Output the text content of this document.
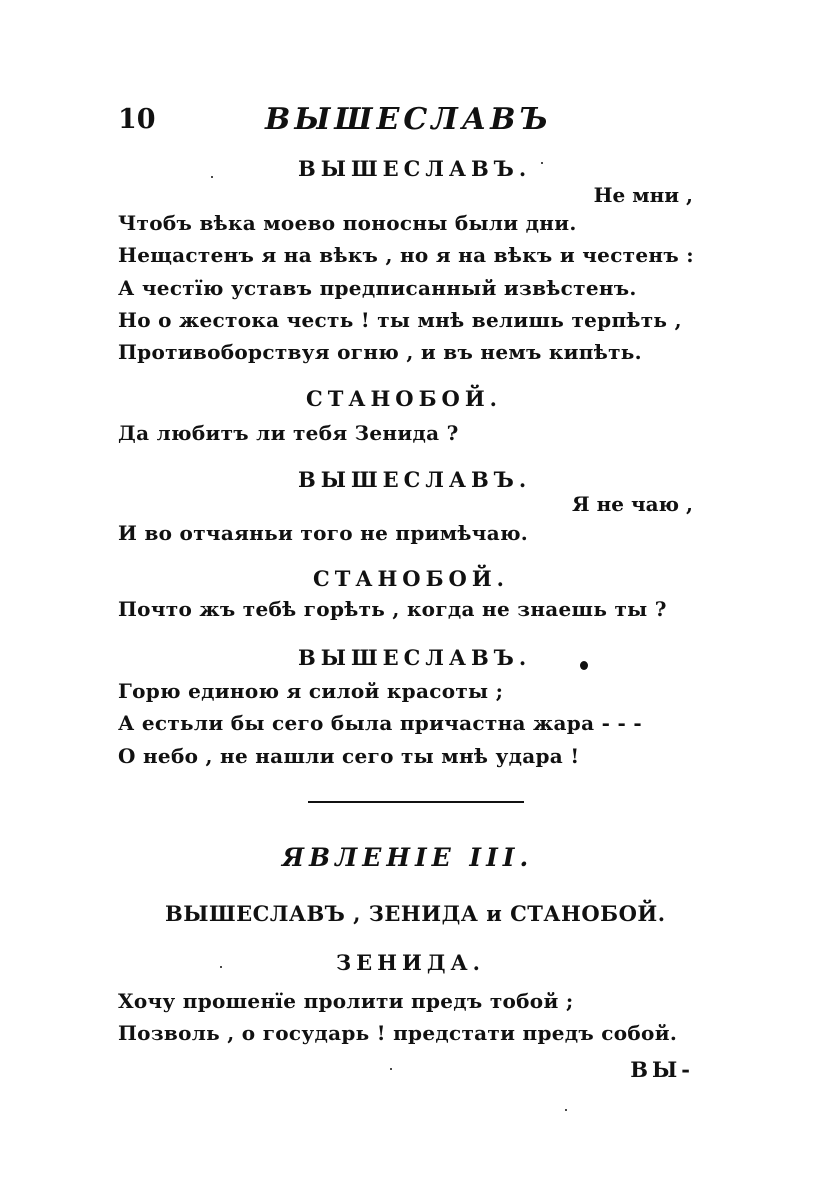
10	ВЫШЕСЛАВЪ
ВЫШЕСЛАВЪ.
Не мни ,
Чтобъ вѣка моево поносны были дни.
Нещастенъ я на вѣкъ , но я на вѣкъ и честенъ :
А честїю уставъ предписанный извѣстенъ.
Но о жестока честь ! ты мнѣ велишь терпѣть ,
Противоборствуя огню , и въ немъ кипѣть.
СТАНОБОЙ.
Да любитъ ли тебя Зенида ?
ВЫШЕСЛАВЪ.
Я не чаю ,
И во отчаяньи того не примѣчаю.
СТАНОБОЙ.
Почто жъ тебѣ горѣть , когда не знаешь ты ?
ВЫШЕСЛАВЪ.
Горю единою я силой красоты ;
А естьли бы сего была причастна жара - - -
О небо , не нашли сего ты мнѣ удара !
ЯВЛЕНІЕ III.
ВЫШЕСЛАВЪ , ЗЕНИДА и СТАНОБОЙ.
ЗЕНИДА.
Хочу прошенїе пролити предъ тобой ;
Позволь , о государь ! предстати предъ собой.
ВЫ-
